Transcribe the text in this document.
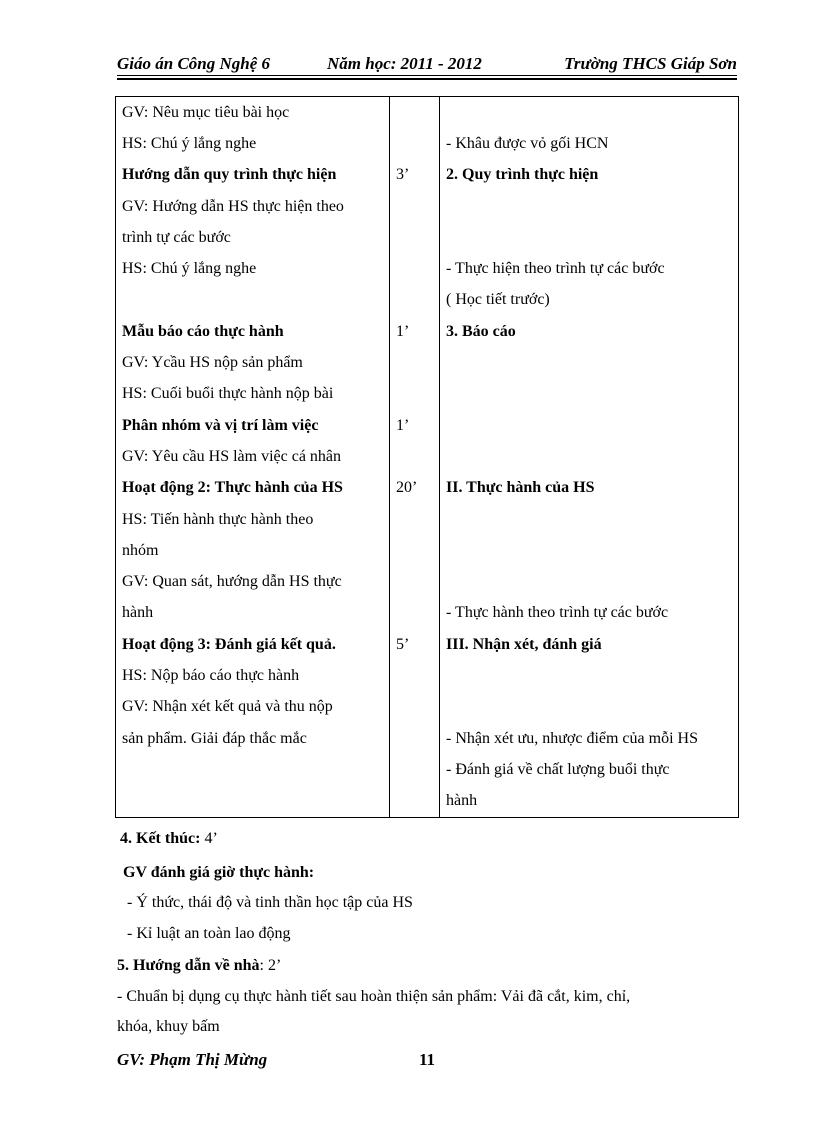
Giáo án Công Nghệ 6	Năm học: 2011 - 2012	Trường THCS Giáp Sơn
GV: Nêu mục tiêu bài học		
HS: Chú ý lắng nghe		- Khâu được vỏ gối HCN
Hướng dẫn quy trình thực hiện	3’	2. Quy trình thực hiện
GV: Hướng dẫn HS thực hiện theo		
trình tự các bước		
HS: Chú ý lắng nghe		- Thực hiện theo trình tự các bước
		( Học tiết trước)
Mẫu báo cáo thực hành	1’	3. Báo cáo
GV: Ycầu HS nộp sản phẩm		
HS: Cuối buổi thực hành nộp bài		
Phân nhóm và vị trí làm việc	1’	
GV: Yêu cầu HS làm việc cá nhân		
Hoạt động 2: Thực hành của HS	20’	II. Thực hành của HS
HS: Tiến hành thực hành theo		
nhóm		
GV: Quan sát, hướng dẫn HS thực		
hành		- Thực hành theo trình tự các bước
Hoạt động 3: Đánh giá kết quả.	5’	III. Nhận xét, đánh giá
HS: Nộp báo cáo thực hành		
GV: Nhận xét kết quả và thu nộp		
sản phẩm. Giải đáp thắc mắc		- Nhận xét ưu, nhược điểm của mỗi HS
		- Đánh giá về chất lượng buổi thực
		hành
4. Kết thúc: 4’
GV đánh giá giờ thực hành:
- Ý thức, thái độ và tinh thần học tập của HS
- Kỉ luật an toàn lao động
5. Hướng dẫn về nhà: 2’
- Chuẩn bị dụng cụ thực hành tiết sau hoàn thiện sản phẩm: Vải đã cắt, kim, chỉ,
khóa, khuy bấm
GV: Phạm Thị Mừng	11
